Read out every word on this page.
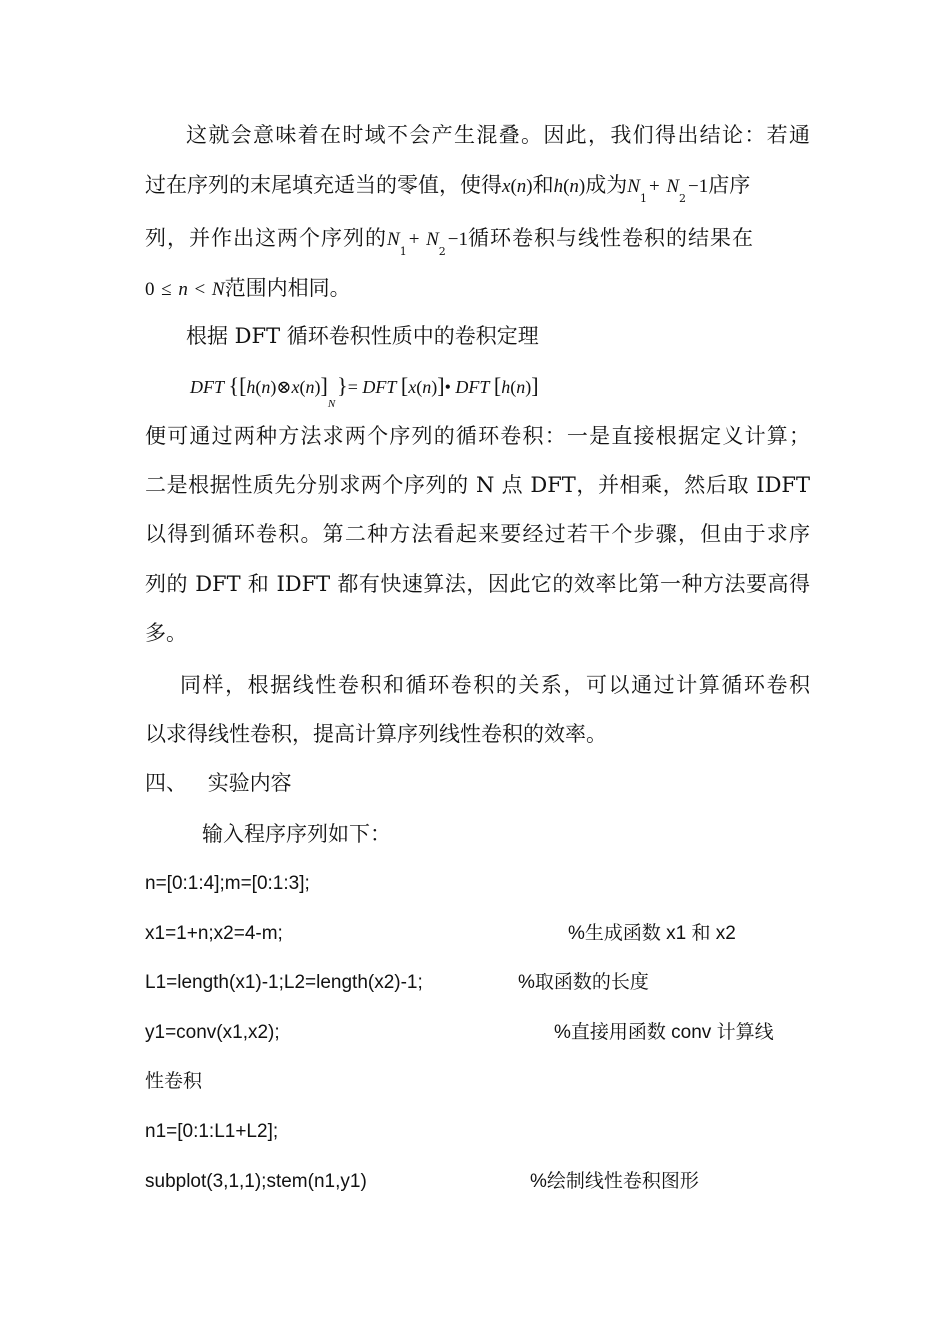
这就会意味着在时域不会产生混叠。因此，我们得出结论：若通
过在序列的末尾填充适当的零值，使得x(n)和h(n)成为$N_1+ N_2-1$店序
列，并作出这两个序列的$N_1+ N_2-1$循环卷积与线性卷积的结果在
0 ≤ n < N范围内相同。
根据 DFT 循环卷积性质中的卷积定理
DFT $\{[h(n)\otimes x(n)]_N\}=$ DFT [x(n)]• DFT [h(n)]
便可通过两种方法求两个序列的循环卷积：一是直接根据定义计算；
二是根据性质先分别求两个序列的 N 点 DFT，并相乘，然后取 IDFT
以得到循环卷积。第二种方法看起来要经过若干个步骤，但由于求序
列的 DFT 和 IDFT 都有快速算法，因此它的效率比第一种方法要高得
多。
同样，根据线性卷积和循环卷积的关系，可以通过计算循环卷积
以求得线性卷积，提高计算序列线性卷积的效率。
四、 实验内容
输入程序序列如下：
n=[0:1:4];m=[0:1:3];
x1=1+n;x2=4-m;	%生成函数 x1 和 x2
L1=length(x1)-1;L2=length(x2)-1;	%取函数的长度
y1=conv(x1,x2);	%直接用函数 conv 计算线
性卷积
n1=[0:1:L1+L2];
subplot(3,1,1);stem(n1,y1)	%绘制线性卷积图形
